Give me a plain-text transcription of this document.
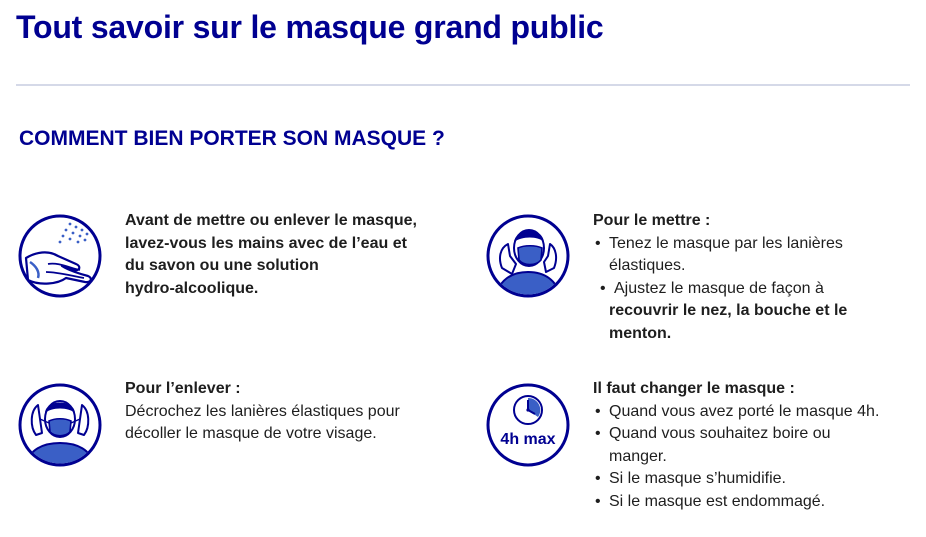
Tout savoir sur le masque grand public
COMMENT BIEN PORTER SON MASQUE ?
Avant de mettre ou enlever le masque,
lavez-vous les mains avec de l’eau et
du savon ou une solution
hydro-alcoolique.
Pour le mettre :
• Tenez le masque par les lanières
élastiques.
• Ajustez le masque de façon à
recouvrir le nez, la bouche et le
menton.
Pour l’enlever :
Décrochez les lanières élastiques pour
décoller le masque de votre visage.	4h max
Il faut changer le masque :
• Quand vous avez porté le masque 4h.
• Quand vous souhaitez boire ou
manger.
• Si le masque s’humidifie.
• Si le masque est endommagé.
